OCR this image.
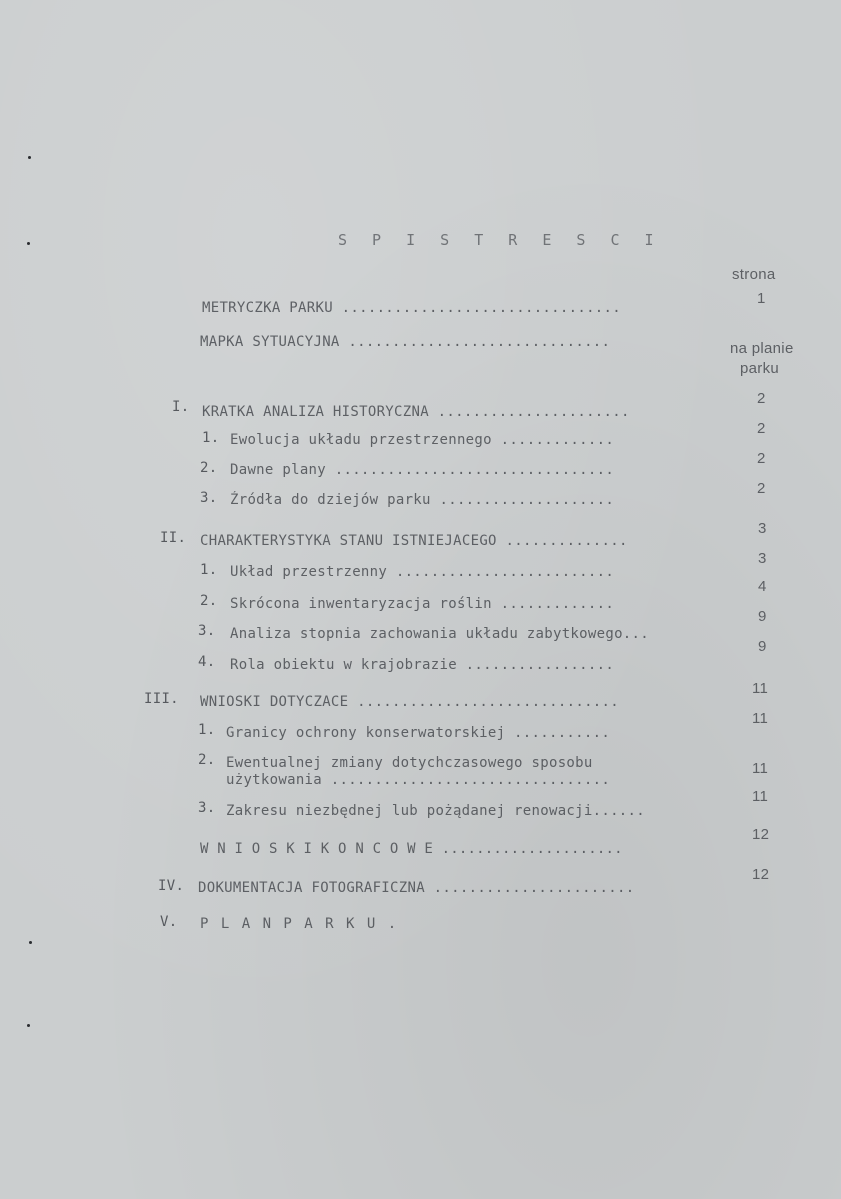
S P I S T R E S C I
strona
METRYCZKA PARKU ................................
1
MAPKA SYTUACYJNA ..............................	na planie
parku
I. KRATKA ANALIZA HISTORYCZNA ......................
2
1. Ewolucja układu przestrzennego .............
2
2. Dawne plany ................................
2
3. Źródła do dziejów parku ....................
2
II. CHARAKTERYSTYKA STANU ISTNIEJACEGO ..............
3
1. Układ przestrzenny .........................
3
2. Skrócona inwentaryzacja roślin .............
4
3. Analiza stopnia zachowania układu zabytkowego...
9
4. Rola obiektu w krajobrazie .................
9
III. WNIOSKI DOTYCZACE ..............................
11
1. Granicy ochrony konserwatorskiej ...........
11
2. Ewentualnej zmiany dotychczasowego sposobu
użytkowania ................................
11
3. Zakresu niezbędnej lub pożądanej renowacji......
11
W N I O S K I K O N C O W E .....................
12
IV. DOKUMENTACJA FOTOGRAFICZNA .......................
12
V. P L A N P A R K U .
